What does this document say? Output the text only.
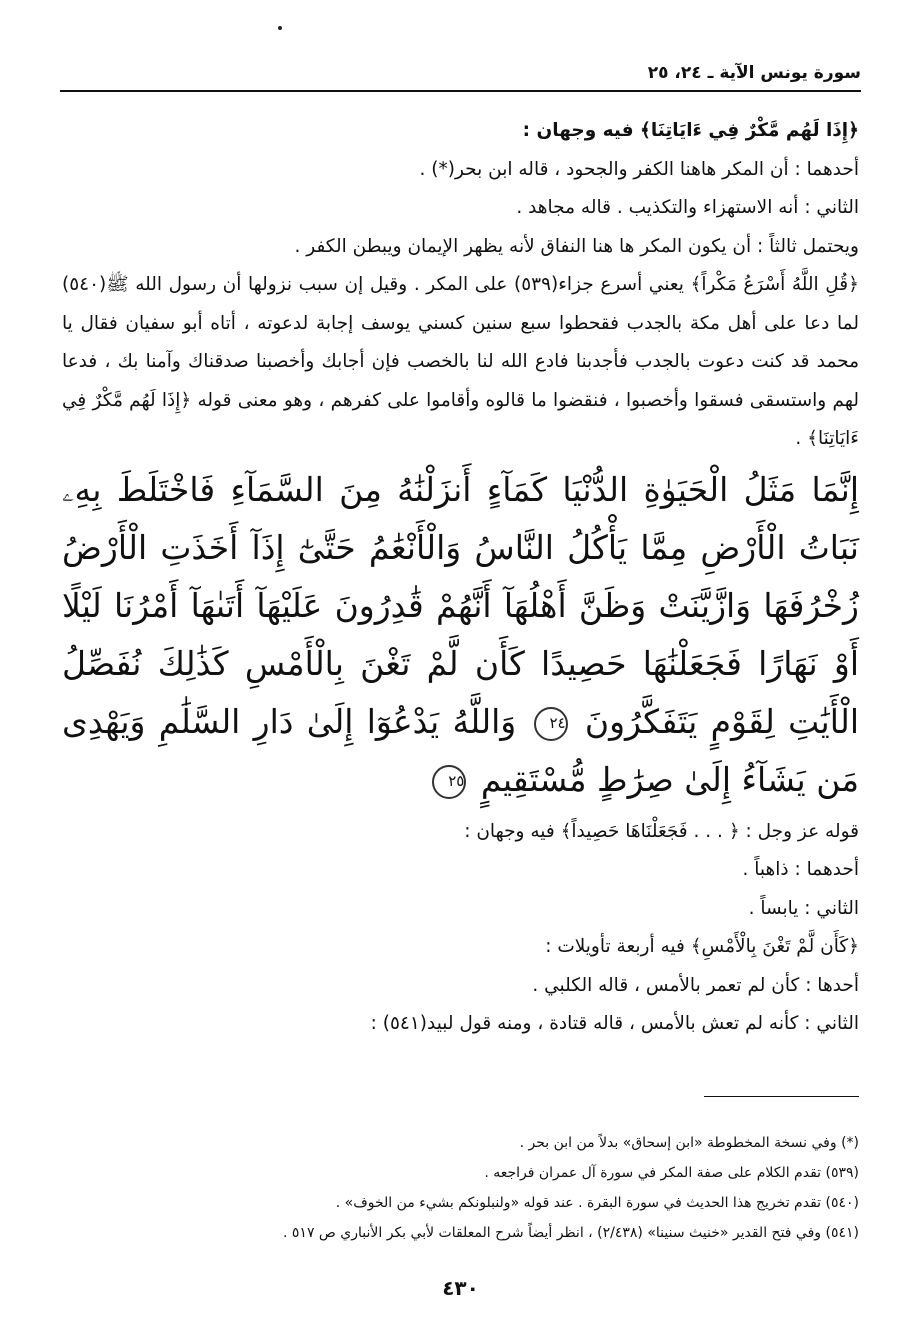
سورة يونس الآية ـ ٢٤، ٢٥

﴿إِذَا لَهُم مَّكْرٌ فِي ءَايَاتِنَا﴾ فيه وجهان :

أحدهما : أن المكر هاهنا الكفر والجحود ، قاله ابن بحر(*) .

الثاني : أنه الاستهزاء والتكذيب . قاله مجاهد .

ويحتمل ثالثاً : أن يكون المكر ها هنا النفاق لأنه يظهر الإيمان ويبطن الكفر .

﴿قُلِ اللَّهُ أَسْرَعُ مَكْراً﴾ يعني أسرع جزاء(٥٣٩) على المكر . وقيل إن سبب نزولها أن رسول الله ﷺ(٥٤٠) لما دعا على أهل مكة بالجدب فقحطوا سبع سنين كسني يوسف إجابة لدعوته ، أتاه أبو سفيان فقال يا محمد قد كنت دعوت بالجدب فأجدبنا فادع الله لنا بالخصب فإن أجابك وأخصبنا صدقناك وآمنا بك ، فدعا لهم واستسقى فسقوا وأخصبوا ، فنقضوا ما قالوه وأقاموا على كفرهم ، وهو معنى قوله ﴿إِذَا لَهُم مَّكْرٌ فِي ءَايَاتِنَا﴾ .

إِنَّمَا مَثَلُ الْحَيَوٰةِ الدُّنْيَا كَمَآءٍ أَنزَلْنَٰهُ مِنَ السَّمَآءِ فَاخْتَلَطَ بِهِۦ نَبَاتُ الْأَرْضِ مِمَّا يَأْكُلُ النَّاسُ وَالْأَنْعَٰمُ حَتَّىٰٓ إِذَآ أَخَذَتِ الْأَرْضُ زُخْرُفَهَا وَازَّيَّنَتْ وَظَنَّ أَهْلُهَآ أَنَّهُمْ قَٰدِرُونَ عَلَيْهَآ أَتَىٰهَآ أَمْرُنَا لَيْلًا أَوْ نَهَارًا فَجَعَلْنَٰهَا حَصِيدًا كَأَن لَّمْ تَغْنَ بِالْأَمْسِ كَذَٰلِكَ نُفَصِّلُ الْأَيَٰتِ لِقَوْمٍ يَتَفَكَّرُونَ ٢٤ وَاللَّهُ يَدْعُوٓا إِلَىٰ دَارِ السَّلَٰمِ وَيَهْدِى مَن يَشَآءُ إِلَىٰ صِرَٰطٍ مُّسْتَقِيمٍ ٢٥

قوله عز وجل : ﴿ . . . فَجَعَلْنَاهَا حَصِيداً﴾ فيه وجهان :

أحدهما : ذاهباً .

الثاني : يابساً .

﴿كَأَن لَّمْ تَغْنَ بِالْأَمْسِ﴾ فيه أربعة تأويلات :

أحدها : كأن لم تعمر بالأمس ، قاله الكلبي .

الثاني : كأنه لم تعش بالأمس ، قاله قتادة ، ومنه قول لبيد(٥٤١) :

(*) وفي نسخة المخطوطة «ابن إسحاق» بدلاً من ابن بحر .

(٥٣٩) تقدم الكلام على صفة المكر في سورة آل عمران فراجعه .

(٥٤٠) تقدم تخريج هذا الحديث في سورة البقرة . عند قوله «ولنبلونكم بشيء من الخوف» .

(٥٤١) وفي فتح القدير «خنيث سنينا» (٢/٤٣٨) ، انظر أيضاً شرح المعلقات لأبي بكر الأنباري ص ٥١٧ .

٤٣٠
